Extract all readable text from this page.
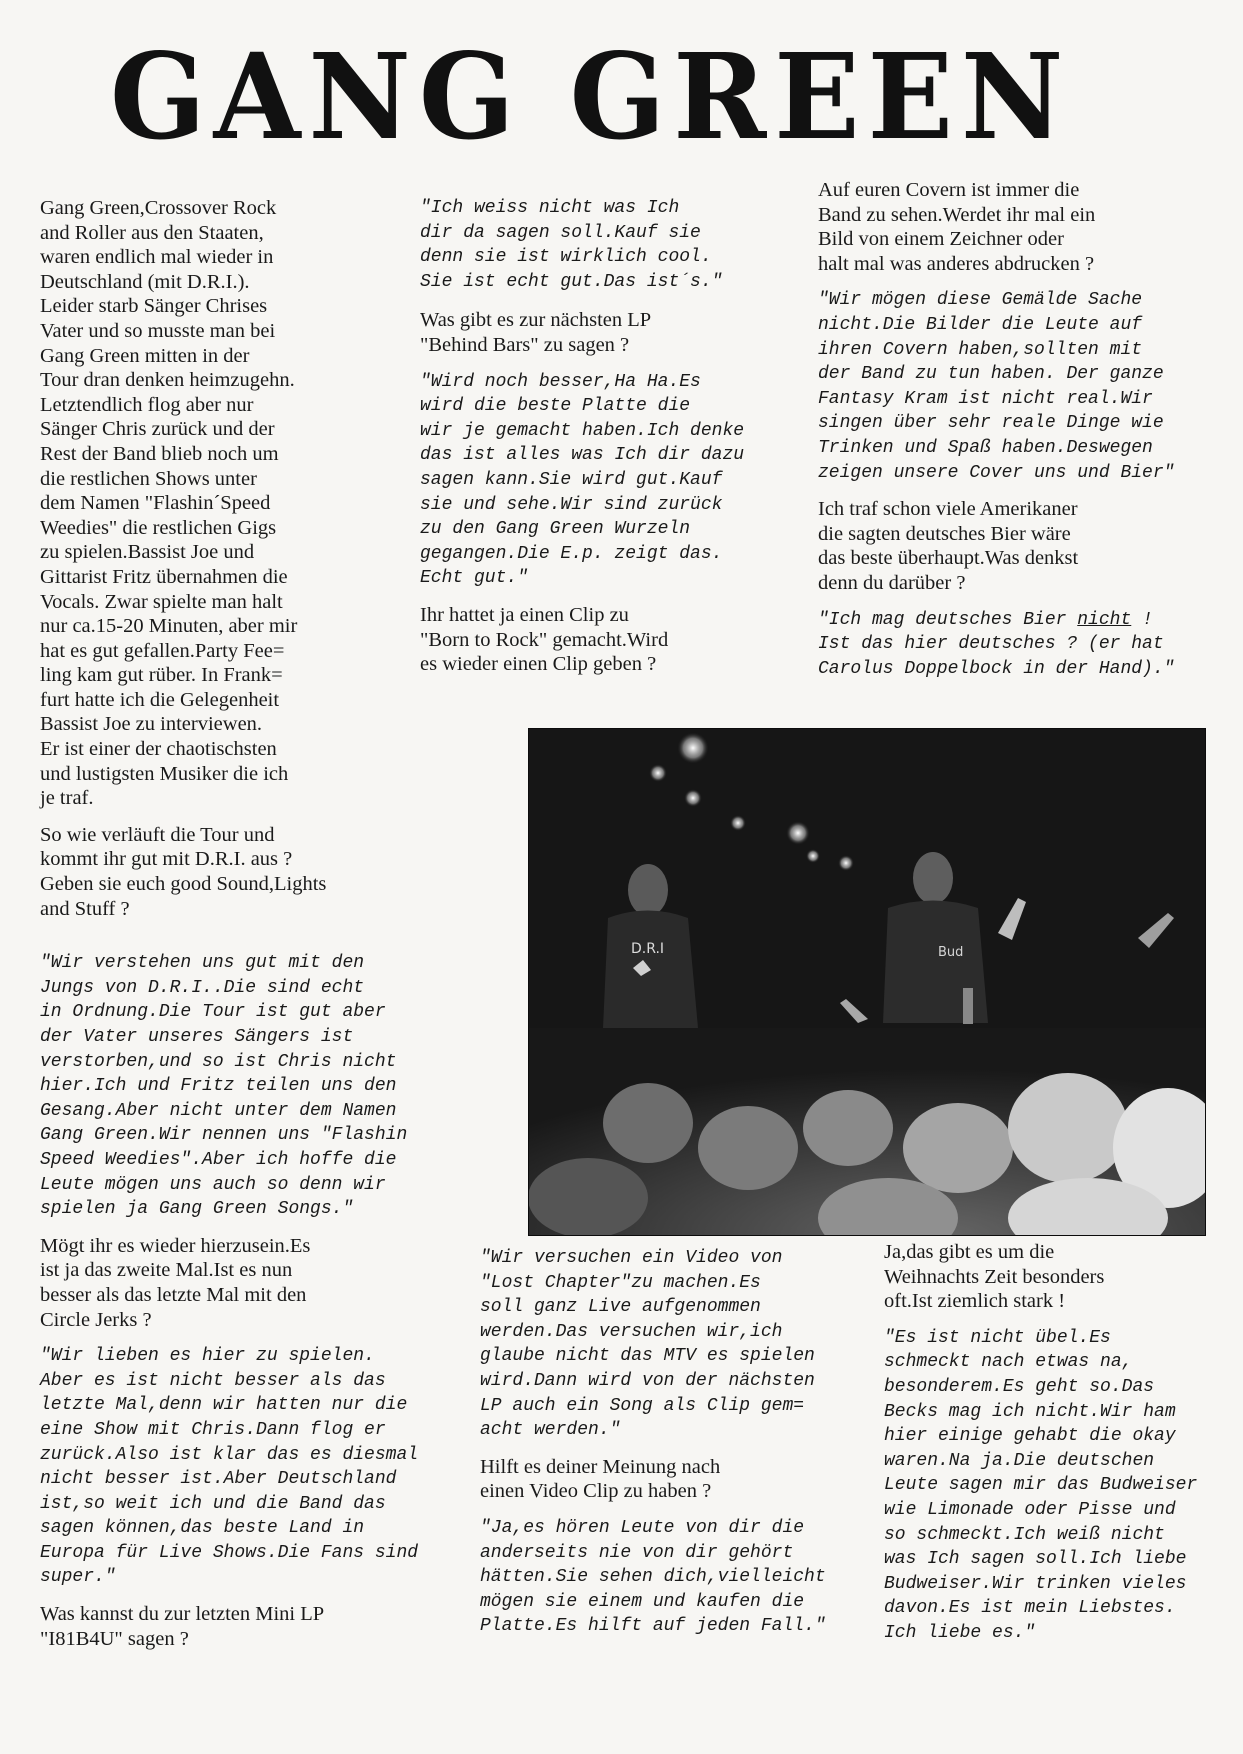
GANG GREEN

Gang Green,Crossover Rock
and Roller aus den Staaten,
waren endlich mal wieder in
Deutschland (mit D.R.I.).
Leider starb Sänger Chrises
Vater und so musste man bei
Gang Green mitten in der
Tour dran denken heimzugehn.
Letztendlich flog aber nur
Sänger Chris zurück und der
Rest der Band blieb noch um
die restlichen Shows unter
dem Namen "Flashin´Speed
Weedies" die restlichen Gigs
zu spielen.Bassist Joe und
Gittarist Fritz übernahmen die
Vocals. Zwar spielte man halt
nur ca.15-20 Minuten, aber mir
hat es gut gefallen.Party Fee=
ling kam gut rüber. In Frank=
furt hatte ich die Gelegenheit
Bassist Joe zu interviewen.
Er ist einer der chaotischsten
und lustigsten Musiker die ich
je traf.

So wie verläuft die Tour und
kommt ihr gut mit D.R.I. aus ?
Geben sie euch good Sound,Lights
and Stuff ?

"Wir verstehen uns gut mit den
Jungs von D.R.I..Die sind echt
in Ordnung.Die Tour ist gut aber
der Vater unseres Sängers ist
verstorben,und so ist Chris nicht
hier.Ich und Fritz teilen uns den
Gesang.Aber nicht unter dem Namen
Gang Green.Wir nennen uns "Flashin
Speed Weedies".Aber ich hoffe die
Leute mögen uns auch so denn wir
spielen ja Gang Green Songs."

Mögt ihr es wieder hierzusein.Es
ist ja das zweite Mal.Ist es nun
besser als das letzte Mal mit den
Circle Jerks ?

"Wir lieben es hier zu spielen.
Aber es ist nicht besser als das
letzte Mal,denn wir hatten nur die
eine Show mit Chris.Dann flog er
zurück.Also ist klar das es diesmal
nicht besser ist.Aber Deutschland
ist,so weit ich und die Band das
sagen können,das beste Land in
Europa für Live Shows.Die Fans sind
super."

Was kannst du zur letzten Mini LP
"I81B4U" sagen ?

"Ich weiss nicht was Ich
dir da sagen soll.Kauf sie
denn sie ist wirklich cool.
Sie ist echt gut.Das ist´s."

Was gibt es zur nächsten LP
"Behind Bars" zu sagen ?

"Wird noch besser,Ha Ha.Es
wird die beste Platte die
wir je gemacht haben.Ich denke
das ist alles was Ich dir dazu
sagen kann.Sie wird gut.Kauf
sie und sehe.Wir sind zurück
zu den Gang Green Wurzeln
gegangen.Die E.p. zeigt das.
Echt gut."

Ihr hattet ja einen Clip zu
"Born to Rock" gemacht.Wird
es wieder einen Clip geben ?

Auf euren Covern ist immer die
Band zu sehen.Werdet ihr mal ein
Bild von einem Zeichner oder
halt mal was anderes abdrucken ?

"Wir mögen diese Gemälde Sache
nicht.Die Bilder die Leute auf
ihren Covern haben,sollten mit
der Band zu tun haben. Der ganze
Fantasy Kram ist nicht real.Wir
singen über sehr reale Dinge wie
Trinken und Spaß haben.Deswegen
zeigen unsere Cover uns und Bier"

Ich traf schon viele Amerikaner
die sagten deutsches Bier wäre
das beste überhaupt.Was denkst
denn du darüber ?

"Ich mag deutsches Bier nicht !
Ist das hier deutsches ? (er hat
Carolus Doppelbock in der Hand)."

D.R.I	Bud

"Wir versuchen ein Video von
"Lost Chapter"zu machen.Es
soll ganz Live aufgenommen
werden.Das versuchen wir,ich
glaube nicht das MTV es spielen
wird.Dann wird von der nächsten
LP auch ein Song als Clip gem=
acht werden."

Hilft es deiner Meinung nach
einen Video Clip zu haben ?

"Ja,es hören Leute von dir die
anderseits nie von dir gehört
hätten.Sie sehen dich,vielleicht
mögen sie einem und kaufen die
Platte.Es hilft auf jeden Fall."

Ja,das gibt es um die
Weihnachts Zeit besonders
oft.Ist ziemlich stark !

"Es ist nicht übel.Es
schmeckt nach etwas na,
besonderem.Es geht so.Das
Becks mag ich nicht.Wir ham
hier einige gehabt die okay
waren.Na ja.Die deutschen
Leute sagen mir das Budweiser
wie Limonade oder Pisse und
so schmeckt.Ich weiß nicht
was Ich sagen soll.Ich liebe
Budweiser.Wir trinken vieles
davon.Es ist mein Liebstes.
Ich liebe es."
